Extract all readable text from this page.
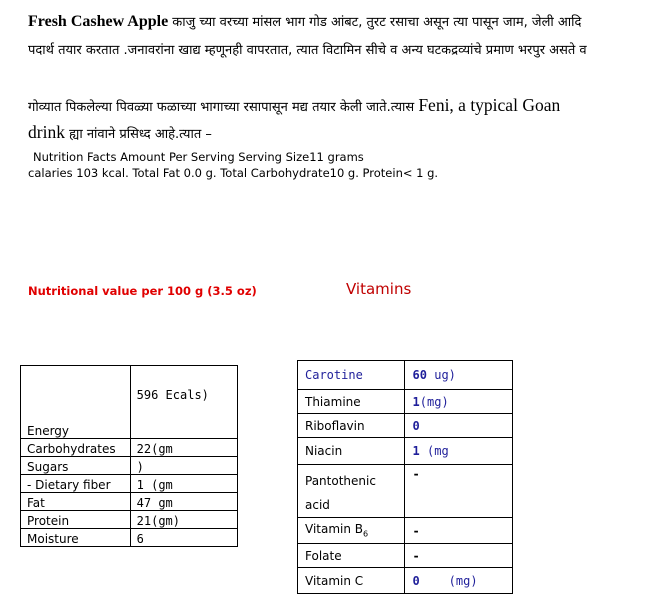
Fresh Cashew Apple काजु च्या वरच्या मांसल भाग गोड आंबट, तुरट रसाचा असून त्या पासून जाम, जेली आदि
पदार्थ तयार करतात .जनावरांना खाद्य म्हणूनही वापरतात, त्यात विटामिन सीचे व अन्य घटकद्रव्यांचे प्रमाण भरपुर असते व
गोव्यात पिकलेल्या पिवळ्या फळाच्या भागाच्या रसापासून मद्य तयार केली जाते.त्यास Feni, a typical Goan
drink ह्या नांवाने प्रसिध्द आहे.त्यात –
Nutrition Facts Amount Per Serving Serving Size11 grams
calaries 103 kcal. Total Fat 0.0 g. Total Carbohydrate10 g. Protein< 1 g.
Nutritional value per 100 g (3.5 oz)	Vitamins
Energy	596 Ecals)
Carbohydrates	22(gm
Sugars	)
- Dietary fiber	1 (gm
Fat	47 gm
Protein	21(gm)
Moisture	6
Carotine	60 ug)
Thiamine	1(mg)
Riboflavin	0
Niacin	1 (mg
Pantothenic
acid	-
Vitamin $B_6$	-
Folate	-
Vitamin C	0    (mg)
